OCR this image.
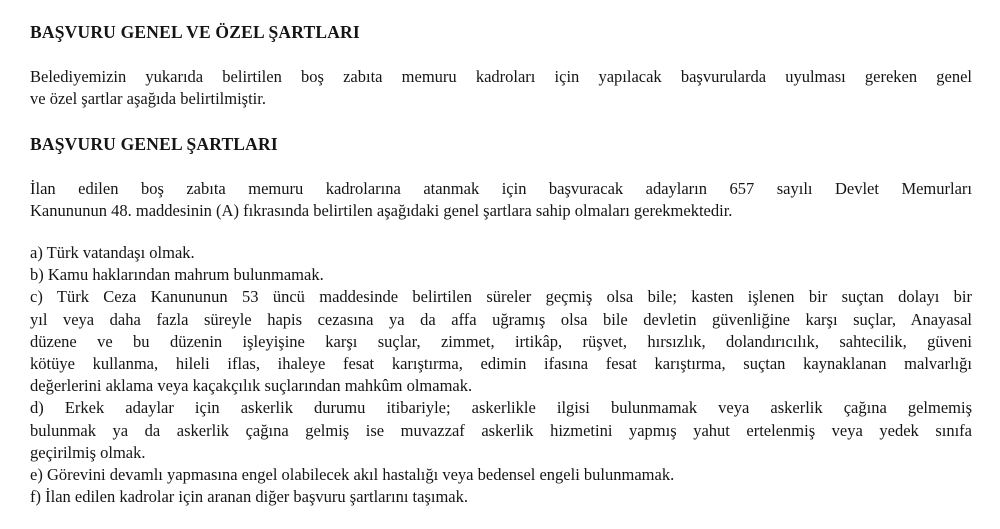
BAŞVURU GENEL VE ÖZEL ŞARTLARI
Belediyemizin yukarıda belirtilen boş zabıta memuru kadroları için yapılacak başvurularda uyulması gereken genel
ve özel şartlar aşağıda belirtilmiştir.
BAŞVURU GENEL ŞARTLARI
İlan edilen boş zabıta memuru kadrolarına atanmak için başvuracak adayların 657 sayılı Devlet Memurları
Kanununun 48. maddesinin (A) fıkrasında belirtilen aşağıdaki genel şartlara sahip olmaları gerekmektedir.
a) Türk vatandaşı olmak.
b) Kamu haklarından mahrum bulunmamak.
c) Türk Ceza Kanununun 53 üncü maddesinde belirtilen süreler geçmiş olsa bile; kasten işlenen bir suçtan dolayı bir
yıl veya daha fazla süreyle hapis cezasına ya da affa uğramış olsa bile devletin güvenliğine karşı suçlar, Anayasal
düzene ve bu düzenin işleyişine karşı suçlar, zimmet, irtikâp, rüşvet, hırsızlık, dolandırıcılık, sahtecilik, güveni
kötüye kullanma, hileli iflas, ihaleye fesat karıştırma, edimin ifasına fesat karıştırma, suçtan kaynaklanan malvarlığı
değerlerini aklama veya kaçakçılık suçlarından mahkûm olmamak.
d) Erkek adaylar için askerlik durumu itibariyle; askerlikle ilgisi bulunmamak veya askerlik çağına gelmemiş
bulunmak ya da askerlik çağına gelmiş ise muvazzaf askerlik hizmetini yapmış yahut ertelenmiş veya yedek sınıfa
geçirilmiş olmak.
e) Görevini devamlı yapmasına engel olabilecek akıl hastalığı veya bedensel engeli bulunmamak.
f) İlan edilen kadrolar için aranan diğer başvuru şartlarını taşımak.
